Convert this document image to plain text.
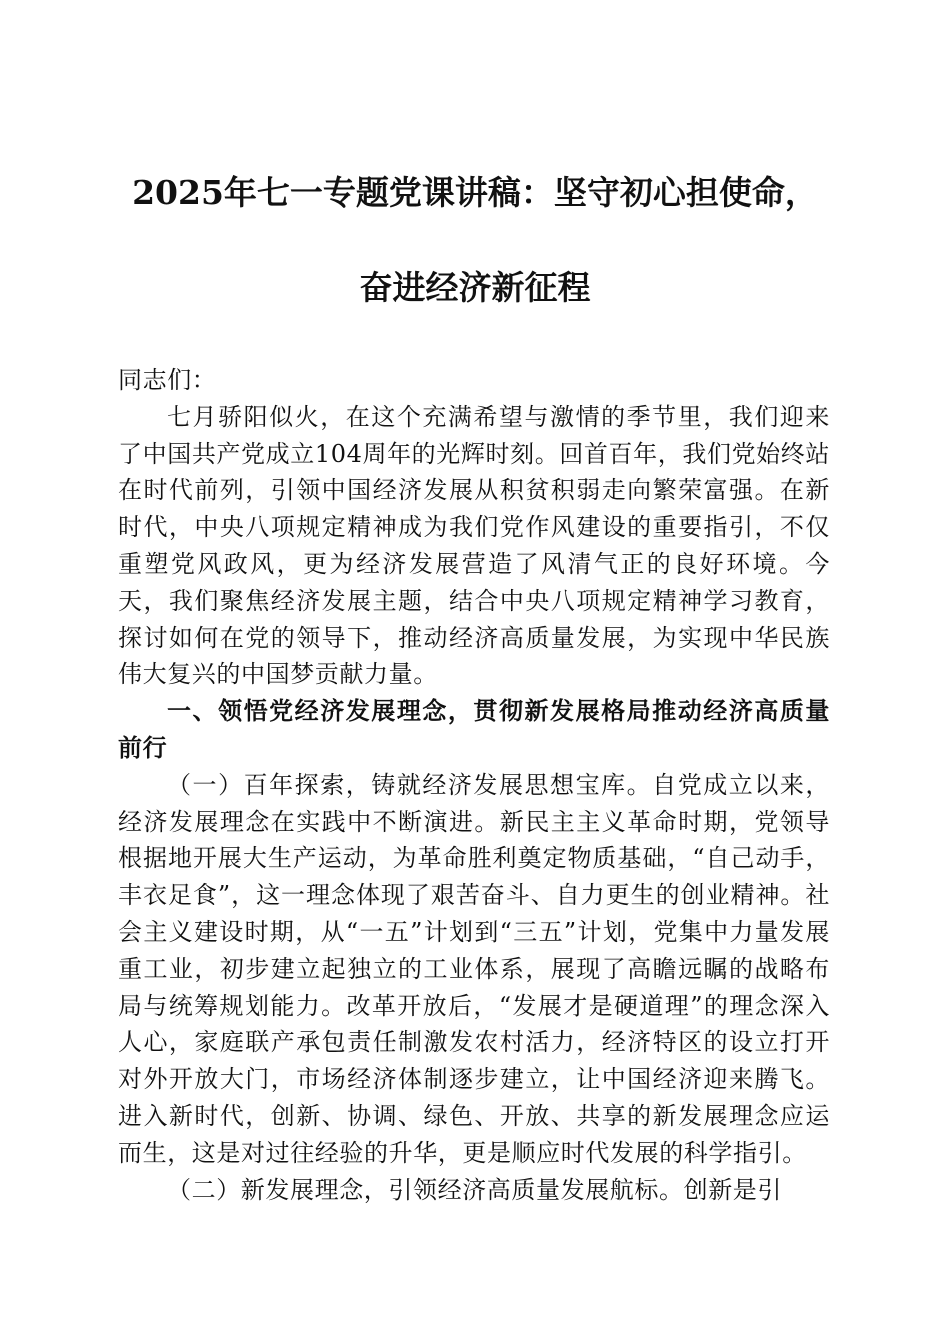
2025年七一专题党课讲稿：坚守初心担使命，
奋进经济新征程

同志们：

七月骄阳似火，在这个充满希望与激情的季节里，我们迎来了中国共产党成立104周年的光辉时刻。回首百年，我们党始终站在时代前列，引领中国经济发展从积贫积弱走向繁荣富强。在新时代，中央八项规定精神成为我们党作风建设的重要指引，不仅重塑党风政风，更为经济发展营造了风清气正的良好环境。今天，我们聚焦经济发展主题，结合中央八项规定精神学习教育，探讨如何在党的领导下，推动经济高质量发展，为实现中华民族伟大复兴的中国梦贡献力量。

一、领悟党经济发展理念，贯彻新发展格局推动经济高质量前行

（一）百年探索，铸就经济发展思想宝库。自党成立以来，经济发展理念在实践中不断演进。新民主主义革命时期，党领导根据地开展大生产运动，为革命胜利奠定物质基础，“自己动手，丰衣足食”，这一理念体现了艰苦奋斗、自力更生的创业精神。社会主义建设时期，从“一五”计划到“三五”计划，党集中力量发展重工业，初步建立起独立的工业体系，展现了高瞻远瞩的战略布局与统筹规划能力。改革开放后，“发展才是硬道理”的理念深入人心，家庭联产承包责任制激发农村活力，经济特区的设立打开对外开放大门，市场经济体制逐步建立，让中国经济迎来腾飞。进入新时代，创新、协调、绿色、开放、共享的新发展理念应运而生，这是对过往经验的升华，更是顺应时代发展的科学指引。

（二）新发展理念，引领经济高质量发展航标。创新是引
